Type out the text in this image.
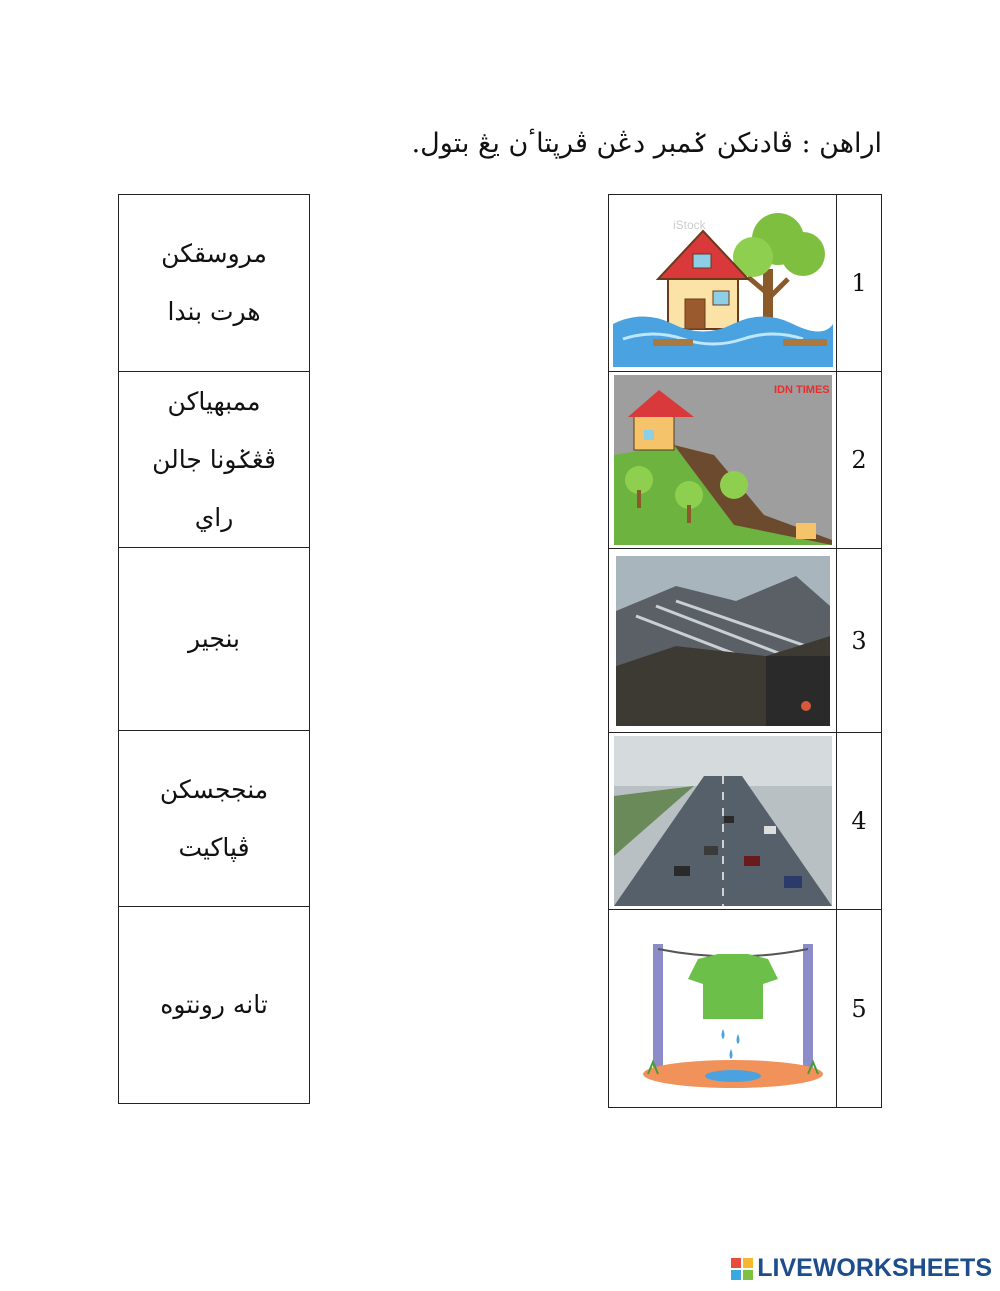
اراهن : ڤادنكن ݢمبر دڠن ڤرڽتاٴن يڠ بتول.
مروسقكن هرت بندا
ممبهياكن ڤڠݢونا جالن راي
بنجير
منججسكن ڤڽاکيت
تانه رونتوه
iStock
1
IDN TIMES
2
3
4
5
LIVEWORKSHEETS
